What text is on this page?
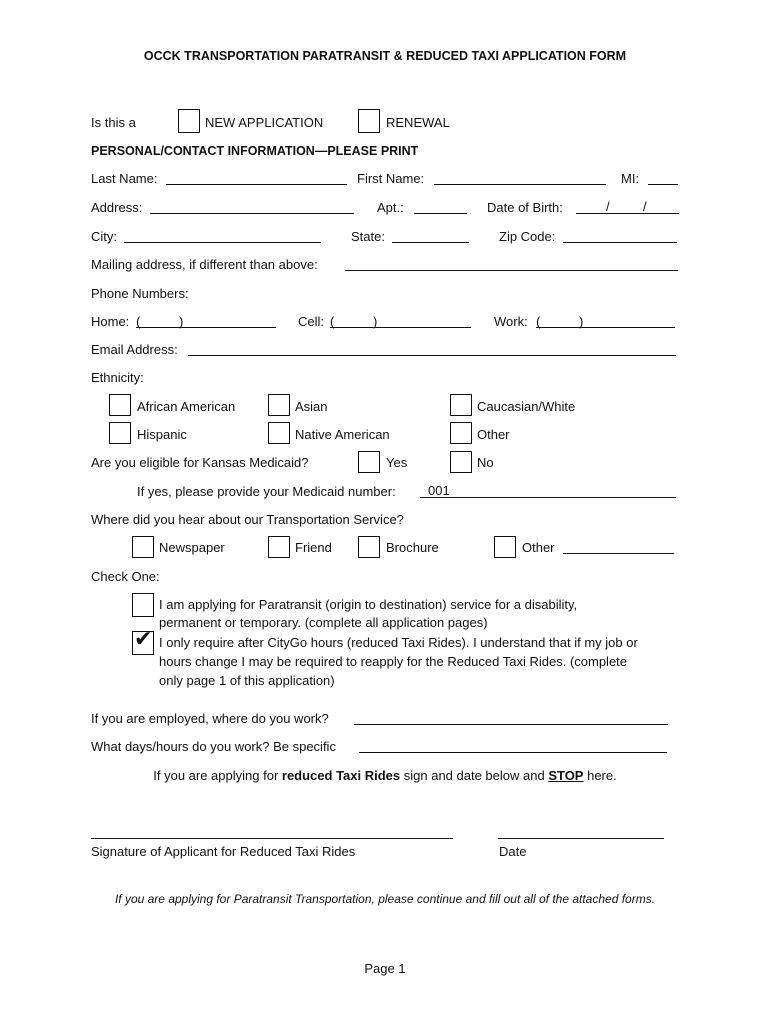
OCCK TRANSPORTATION PARATRANSIT & REDUCED TAXI APPLICATION FORM
Is this a	NEW APPLICATION	RENEWAL
PERSONAL/CONTACT INFORMATION—PLEASE PRINT
Last Name:	First Name:	MI:
Address:	Apt.:	Date of Birth:	/	/
City:	State:	Zip Code:
Mailing address, if different than above:
Phone Numbers:
Home: (	)	Cell: (	)	Work: (	)
Email Address:
Ethnicity:
African American	Asian	Caucasian/White
Hispanic	Native American	Other
Are you eligible for Kansas Medicaid?	Yes	No
If yes, please provide your Medicaid number: 001
Where did you hear about our Transportation Service?
Newspaper	Friend	Brochure	Other
Check One:
I am applying for Paratransit (origin to destination) service for a disability,
permanent or temporary. (complete all application pages)
✔ I only require after CityGo hours (reduced Taxi Rides). I understand that if my job or
hours change I may be required to reapply for the Reduced Taxi Rides. (complete
only page 1 of this application)
If you are employed, where do you work?
What days/hours do you work? Be specific
If you are applying for reduced Taxi Rides sign and date below and STOP here.
Signature of Applicant for Reduced Taxi Rides	Date
If you are applying for Paratransit Transportation, please continue and fill out all of the attached forms.
Page 1
